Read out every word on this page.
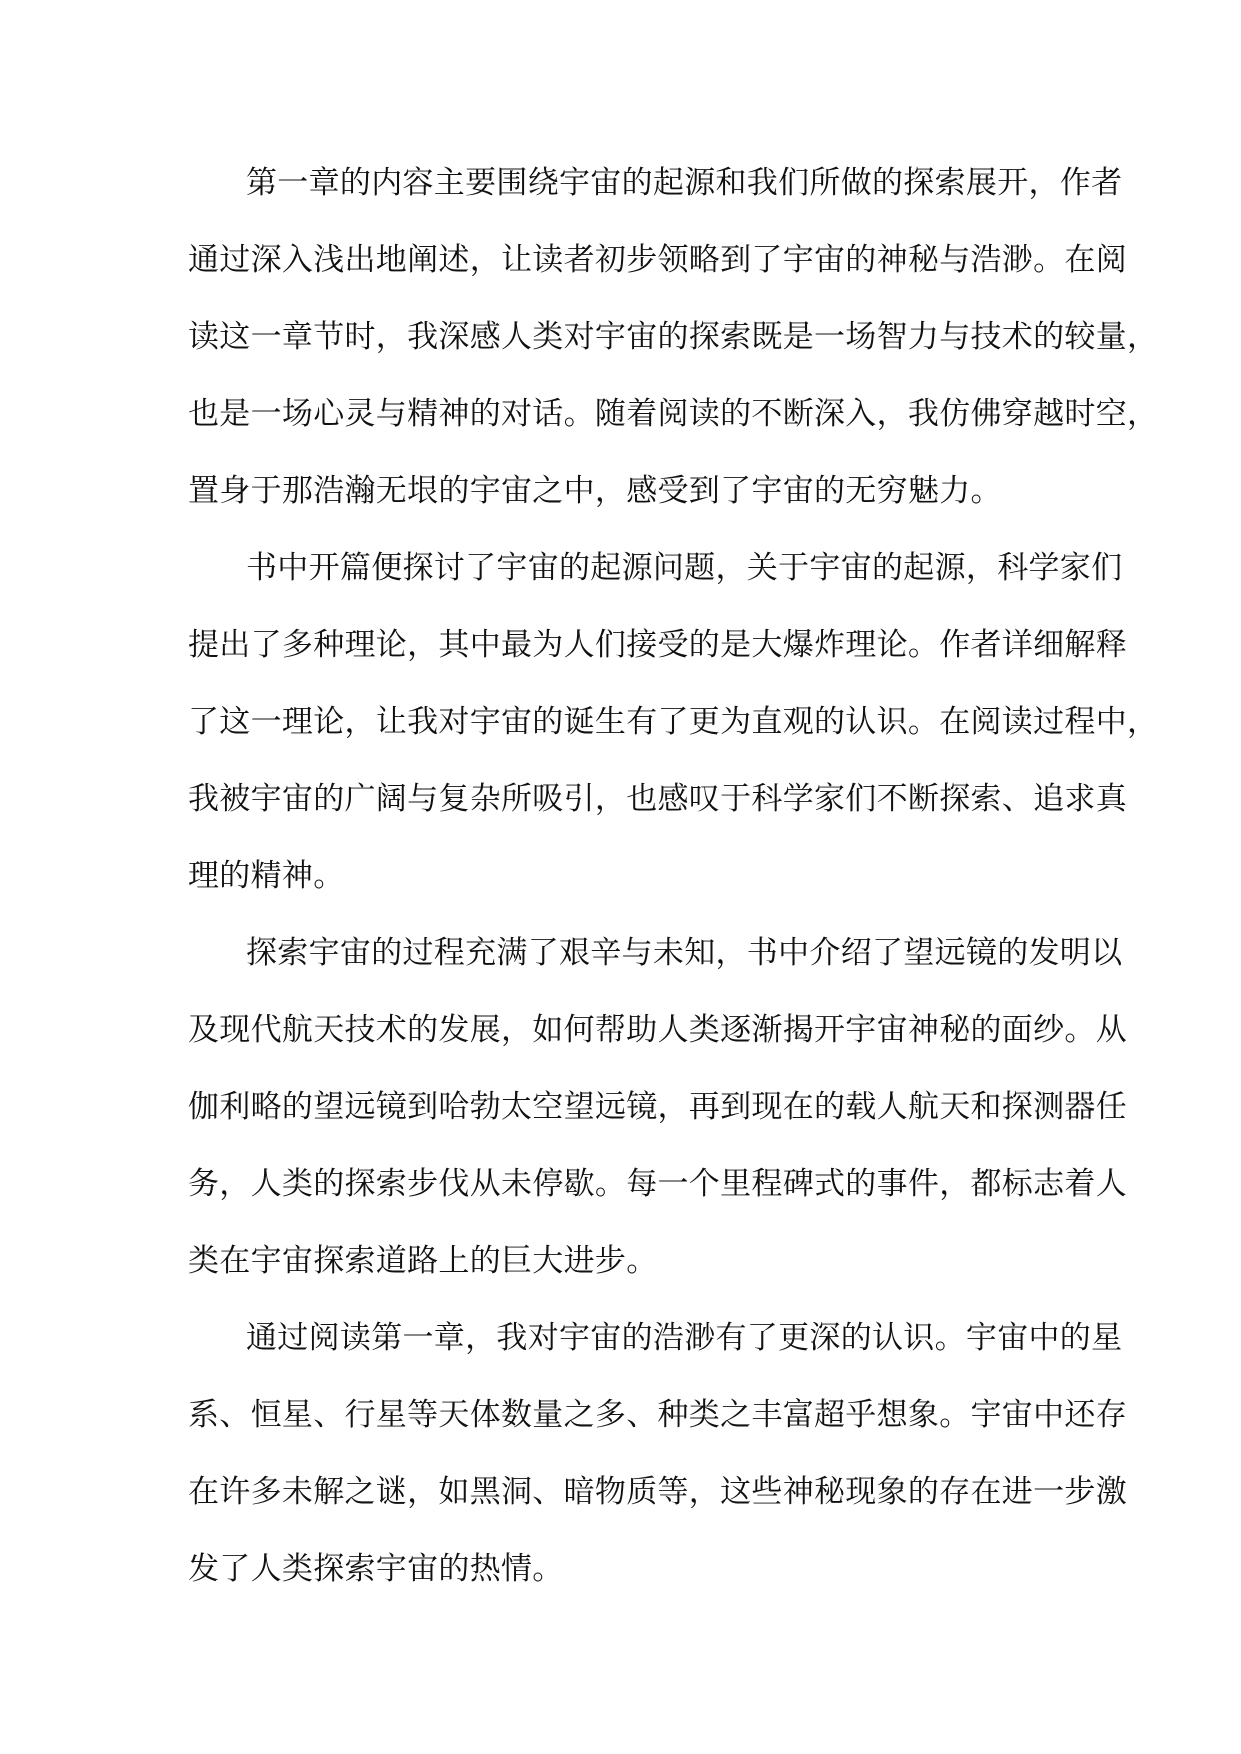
第一章的内容主要围绕宇宙的起源和我们所做的探索展开，作者
通过深入浅出地阐述，让读者初步领略到了宇宙的神秘与浩渺。在阅
读这一章节时，我深感人类对宇宙的探索既是一场智力与技术的较量，
也是一场心灵与精神的对话。随着阅读的不断深入，我仿佛穿越时空，
置身于那浩瀚无垠的宇宙之中，感受到了宇宙的无穷魅力。
书中开篇便探讨了宇宙的起源问题，关于宇宙的起源，科学家们
提出了多种理论，其中最为人们接受的是大爆炸理论。作者详细解释
了这一理论，让我对宇宙的诞生有了更为直观的认识。在阅读过程中，
我被宇宙的广阔与复杂所吸引，也感叹于科学家们不断探索、追求真
理的精神。
探索宇宙的过程充满了艰辛与未知，书中介绍了望远镜的发明以
及现代航天技术的发展，如何帮助人类逐渐揭开宇宙神秘的面纱。从
伽利略的望远镜到哈勃太空望远镜，再到现在的载人航天和探测器任
务，人类的探索步伐从未停歇。每一个里程碑式的事件，都标志着人
类在宇宙探索道路上的巨大进步。
通过阅读第一章，我对宇宙的浩渺有了更深的认识。宇宙中的星
系、恒星、行星等天体数量之多、种类之丰富超乎想象。宇宙中还存
在许多未解之谜，如黑洞、暗物质等，这些神秘现象的存在进一步激
发了人类探索宇宙的热情。
